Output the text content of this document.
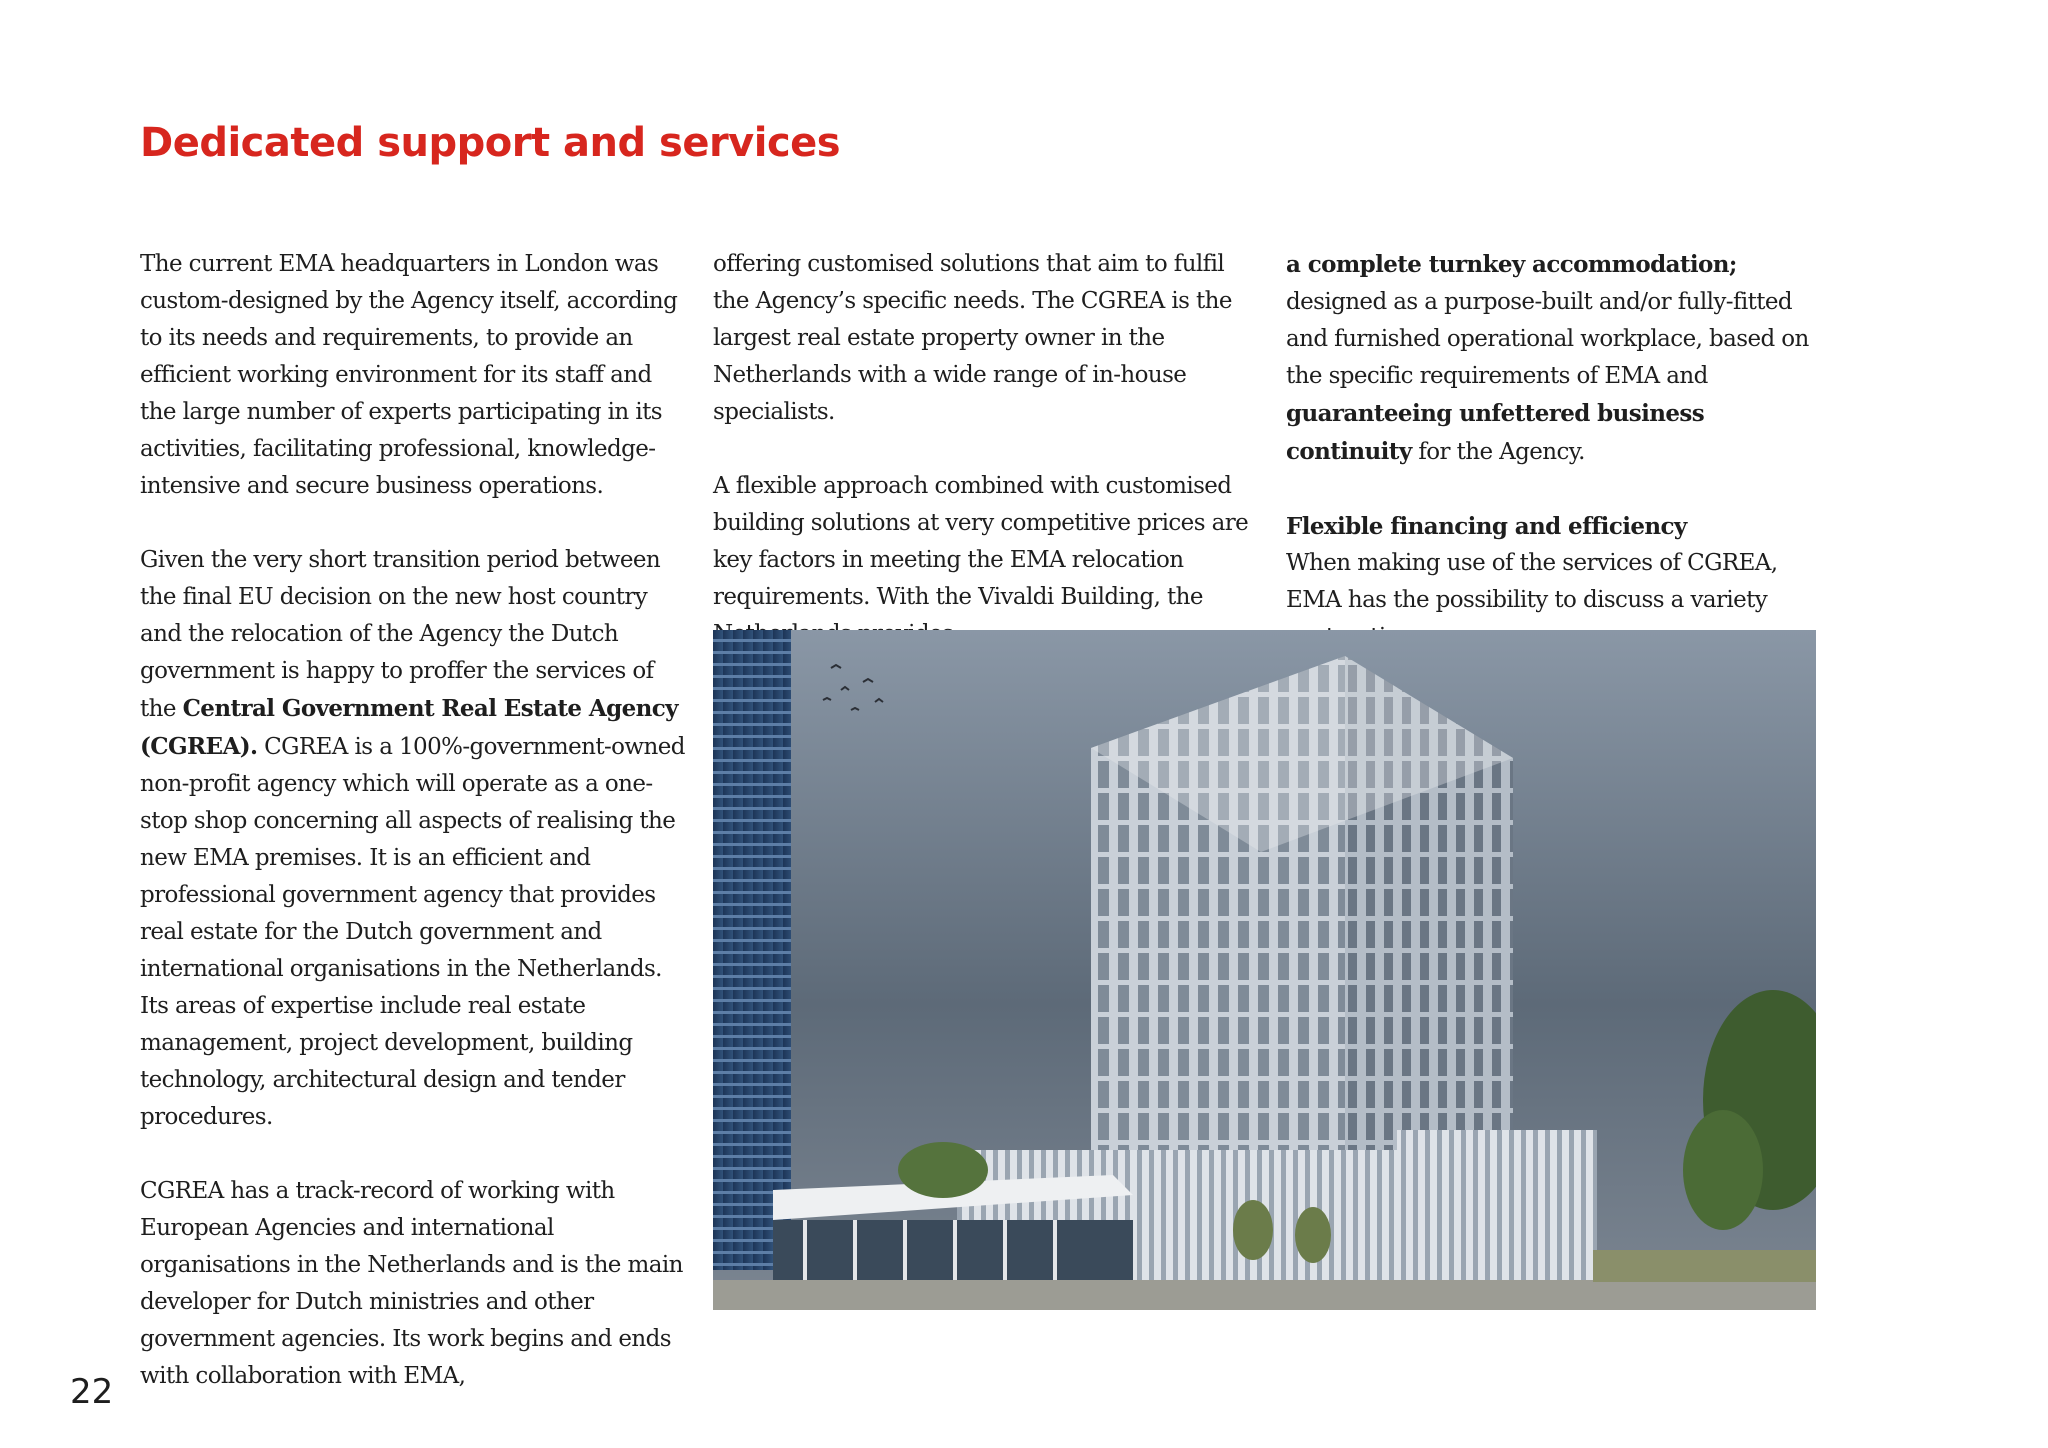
Dedicated support and services

The current EMA headquarters in London was custom-designed by the Agency itself, according to its needs and requirements, to provide an efficient working environment for its staff and the large number of experts participating in its activities, facilitating professional, knowledge-intensive and secure business operations.

Given the very short transition period between the final EU decision on the new host country and the relocation of the Agency the Dutch government is happy to proffer the services of the Central Government Real Estate Agency (CGREA). CGREA is a 100%-government-owned non-profit agency which will operate as a one-stop shop concerning all aspects of realising the new EMA premises. It is an efficient and professional government agency that provides real estate for the Dutch government and international organisations in the Netherlands. Its areas of expertise include real estate management, project development, building technology, architectural design and tender procedures.

CGREA has a track-record of working with European Agencies and international organisations in the Netherlands and is the main developer for Dutch ministries and other government agencies. Its work begins and ends with collaboration with EMA,

offering customised solutions that aim to fulfil the Agency’s specific needs. The CGREA is the largest real estate property owner in the Netherlands with a wide range of in-house specialists.

A flexible approach combined with customised building solutions at very competitive prices are key factors in meeting the EMA relocation requirements. With the Vivaldi Building, the

a complete turnkey accommodation; designed as a purpose-built and/or fully-fitted and furnished operational workplace, based on the specific requirements of EMA and guaranteeing unfettered business continuity for the Agency.

Flexible financing and efficiency
When making use of the services of CGREA, EMA has the possibility to discuss a variety

22
